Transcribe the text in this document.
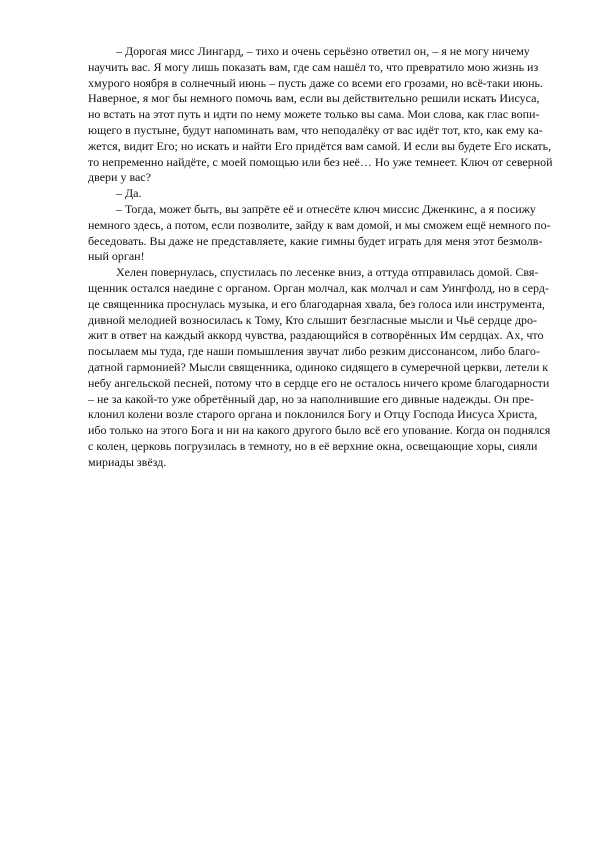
– Дорогая мисс Лингард, – тихо и очень серьёзно ответил он, – я не могу ничему
научить вас. Я могу лишь показать вам, где сам нашёл то, что превратило мою жизнь из
хмурого ноября в солнечный июнь – пусть даже со всеми его грозами, но всё-таки июнь.
Наверное, я мог бы немного помочь вам, если вы действительно решили искать Иисуса,
но встать на этот путь и идти по нему можете только вы сама. Мои слова, как глас вопи-
ющего в пустыне, будут напоминать вам, что неподалёку от вас идёт тот, кто, как ему ка-
жется, видит Его; но искать и найти Его придётся вам самой. И если вы будете Его искать,
то непременно найдёте, с моей помощью или без неё… Но уже темнеет. Ключ от северной
двери у вас?
– Да.
– Тогда, может быть, вы запрёте её и отнесёте ключ миссис Дженкинс, а я посижу
немного здесь, а потом, если позволите, зайду к вам домой, и мы сможем ещё немного по-
беседовать. Вы даже не представляете, какие гимны будет играть для меня этот безмолв-
ный орган!
Хелен повернулась, спустилась по лесенке вниз, а оттуда отправилась домой. Свя-
щенник остался наедине с органом. Орган молчал, как молчал и сам Уингфолд, но в серд-
це священника проснулась музыка, и его благодарная хвала, без голоса или инструмента,
дивной мелодией возносилась к Тому, Кто слышит безгласные мысли и Чьё сердце дро-
жит в ответ на каждый аккорд чувства, раздающийся в сотворённых Им сердцах. Ах, что
посылаем мы туда, где наши помышления звучат либо резким диссонансом, либо благо-
датной гармонией? Мысли священника, одиноко сидящего в сумеречной церкви, летели к
небу ангельской песней, потому что в сердце его не осталось ничего кроме благодарности
– не за какой-то уже обретённый дар, но за наполнившие его дивные надежды. Он пре-
клонил колени возле старого органа и поклонился Богу и Отцу Господа Иисуса Христа,
ибо только на этого Бога и ни на какого другого было всё его упование. Когда он поднялся
с колен, церковь погрузилась в темноту, но в её верхние окна, освещающие хоры, сияли
мириады звёзд.
